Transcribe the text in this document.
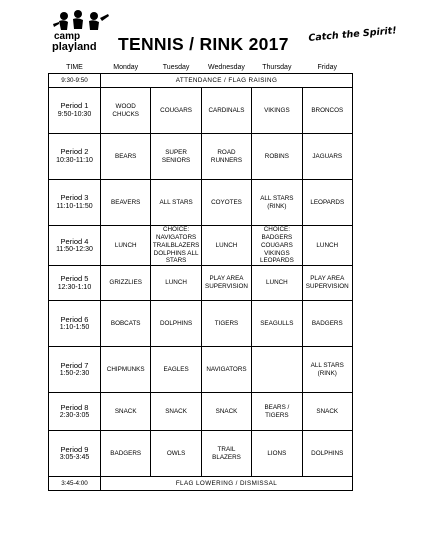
camp
playland TENNIS / RINK 2017 Catch the Spirit!
TIME	Monday	Tuesday	Wednesday	Thursday	Friday
9:30-9:50	ATTENDANCE / FLAG RAISING				

Period 1
9:50-10:30	WOOD CHUCKS	COUGARS	CARDINALS	VIKINGS	BRONCOS

Period 2
10:30-11:10	BEARS	SUPER SENIORS	ROAD RUNNERS	ROBINS	JAGUARS

Period 3
11:10-11:50	BEAVERS	ALL STARS	COYOTES	ALL STARS (RINK)	LEOPARDS

Period 4
11:50-12:30	LUNCH	CHOICE: NAVIGATORS TRAILBLAZERS DOLPHINS ALL STARS	LUNCH	CHOICE: BADGERS COUGARS VIKINGS LEOPARDS	LUNCH

Period 5
12:30-1:10	GRIZZLIES	LUNCH	PLAY AREA SUPERVISION	LUNCH	PLAY AREA SUPERVISION

Period 6
1:10-1:50	BOBCATS	DOLPHINS	TIGERS	SEAGULLS	BADGERS

Period 7
1:50-2:30	CHIPMUNKS	EAGLES	NAVIGATORS		ALL STARS (RINK)

Period 8
2:30-3:05	SNACK	SNACK	SNACK	BEARS / TIGERS	SNACK

Period 9
3:05-3:45	BADGERS	OWLS	TRAIL BLAZERS	LIONS	DOLPHINS
3:45-4:00	FLAG LOWERING / DISMISSAL				
